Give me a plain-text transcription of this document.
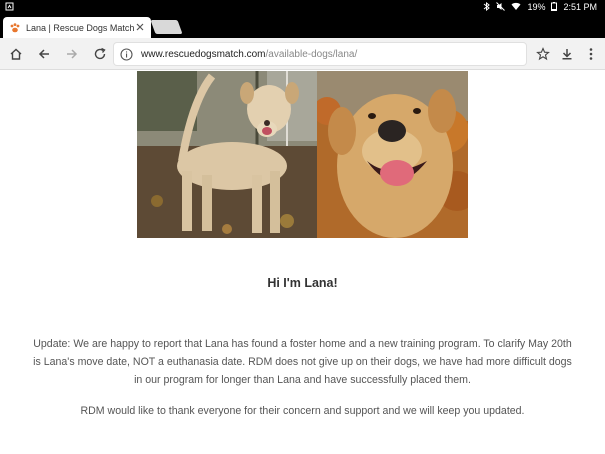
19% 2:51 PM
Lana | Rescue Dogs Match
www.rescuedogsmatch.com /available-dogs/lana/
Hi I'm Lana!

Update: We are happy to report that Lana has found a foster home and a new training program. To clarify May 20th is Lana's move date, NOT a euthanasia date. RDM does not give up on their dogs, we have had more difficult dogs in our program for longer than Lana and have successfully placed them.

RDM would like to thank everyone for their concern and support and we will keep you updated.
